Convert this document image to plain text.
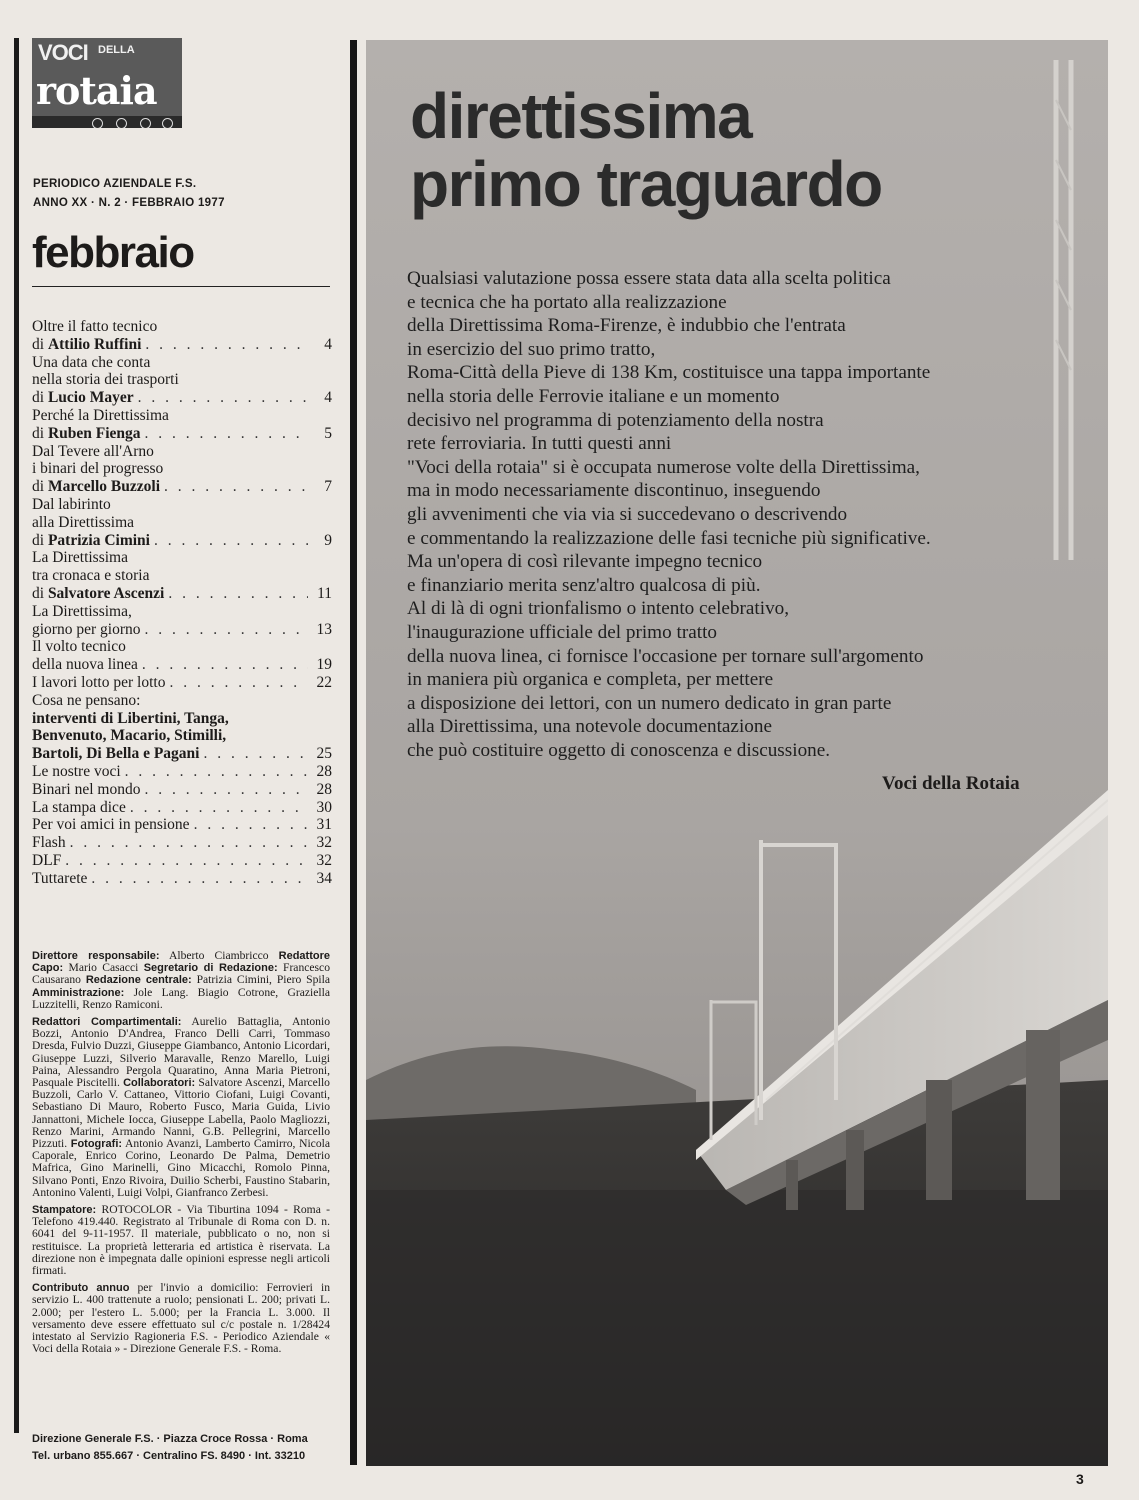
VOCI DELLA
rotaia
PERIODICO AZIENDALE F.S.
ANNO XX · N. 2 · FEBBRAIO 1977
febbraio
Oltre il fatto tecnico
di Attilio Ruffini . . .	4
Una data che conta
nella storia dei trasporti
di Lucio Mayer . . .	4
Perché la Direttissima
di Ruben Fienga . . .	5
Dal Tevere all'Arno
i binari del progresso
di Marcello Buzzoli . . .	7
Dal labirinto
alla Direttissima
di Patrizia Cimini . . .	9
La Direttissima
tra cronaca e storia
di Salvatore Ascenzi . . .	11
La Direttissima,
giorno per giorno . . .	13
Il volto tecnico
della nuova linea . . .	19
I lavori lotto per lotto . . .	22
Cosa ne pensano:
interventi di Libertini, Tanga,
Benvenuto, Macario, Stimilli,
Bartoli, Di Bella e Pagani . . .	25
Le nostre voci . . .	28
Binari nel mondo . . .	28
La stampa dice . . .	30
Per voi amici in pensione . . .	31
Flash . . .	32
DLF . . .	32
Tuttarete . . .	34

Direttore responsabile: Alberto Ciambricco Redattore Capo: Mario Casacci Segretario di Redazione: Francesco Causarano Redazione centrale: Patrizia Cimini, Piero Spila Amministrazione: Jole Lang. Biagio Cotrone, Graziella Luzzitelli, Renzo Ramiconi.

Redattori Compartimentali: Aurelio Battaglia, Antonio Bozzi, Antonio D'Andrea, Franco Delli Carri, Tommaso Dresda, Fulvio Duzzi, Giuseppe Giambanco, Antonio Licordari, Giuseppe Luzzi, Silverio Maravalle, Renzo Marello, Luigi Paina, Alessandro Pergola Quaratino, Anna Maria Pietroni, Pasquale Piscitelli. Collaboratori: Salvatore Ascenzi, Marcello Buzzoli, Carlo V. Cattaneo, Vittorio Ciofani, Luigi Covanti, Sebastiano Di Mauro, Roberto Fusco, Maria Guida, Livio Jannattoni, Michele Iocca, Giuseppe Labella, Paolo Magliozzi, Renzo Marini, Armando Nanni, G.B. Pellegrini, Marcello Pizzuti. Fotografi: Antonio Avanzi, Lamberto Camirro, Nicola Caporale, Enrico Corino, Leonardo De Palma, Demetrio Mafrica, Gino Marinelli, Gino Micacchi, Romolo Pinna, Silvano Ponti, Enzo Rivoira, Duilio Scherbi, Faustino Stabarin, Antonino Valenti, Luigi Volpi, Gianfranco Zerbesi.

Stampatore: ROTOCOLOR - Via Tiburtina 1094 - Roma - Telefono 419.440. Registrato al Tribunale di Roma con D. n. 6041 del 9-11-1957. Il materiale, pubblicato o no, non si restituisce. La proprietà letteraria ed artistica è riservata. La direzione non è impegnata dalle opinioni espresse negli articoli firmati.

Contributo annuo per l'invio a domicilio: Ferrovieri in servizio L. 400 trattenute a ruolo; pensionati L. 200; privati L. 2.000; per l'estero L. 5.000; per la Francia L. 3.000. Il versamento deve essere effettuato sul c/c postale n. 1/28424 intestato al Servizio Ragioneria F.S. - Periodico Aziendale « Voci della Rotaia » - Direzione Generale F.S. - Roma.

Direzione Generale F.S. · Piazza Croce Rossa · Roma
Tel. urbano 855.667 · Centralino FS. 8490 · Int. 33210
direttissima
primo traguardo
Qualsiasi valutazione possa essere stata data alla scelta politica
e tecnica che ha portato alla realizzazione
della Direttissima Roma-Firenze, è indubbio che l'entrata
in esercizio del suo primo tratto,
Roma-Città della Pieve di 138 Km, costituisce una tappa importante
nella storia delle Ferrovie italiane e un momento
decisivo nel programma di potenziamento della nostra
rete ferroviaria. In tutti questi anni
"Voci della rotaia" si è occupata numerose volte della Direttissima,
ma in modo necessariamente discontinuo, inseguendo
gli avvenimenti che via via si succedevano o descrivendo
e commentando la realizzazione delle fasi tecniche più significative.
Ma un'opera di così rilevante impegno tecnico
e finanziario merita senz'altro qualcosa di più.
Al di là di ogni trionfalismo o intento celebrativo,
l'inaugurazione ufficiale del primo tratto
della nuova linea, ci fornisce l'occasione per tornare sull'argomento
in maniera più organica e completa, per mettere
a disposizione dei lettori, con un numero dedicato in gran parte
alla Direttissima, una notevole documentazione
che può costituire oggetto di conoscenza e discussione.
Voci della Rotaia
3
